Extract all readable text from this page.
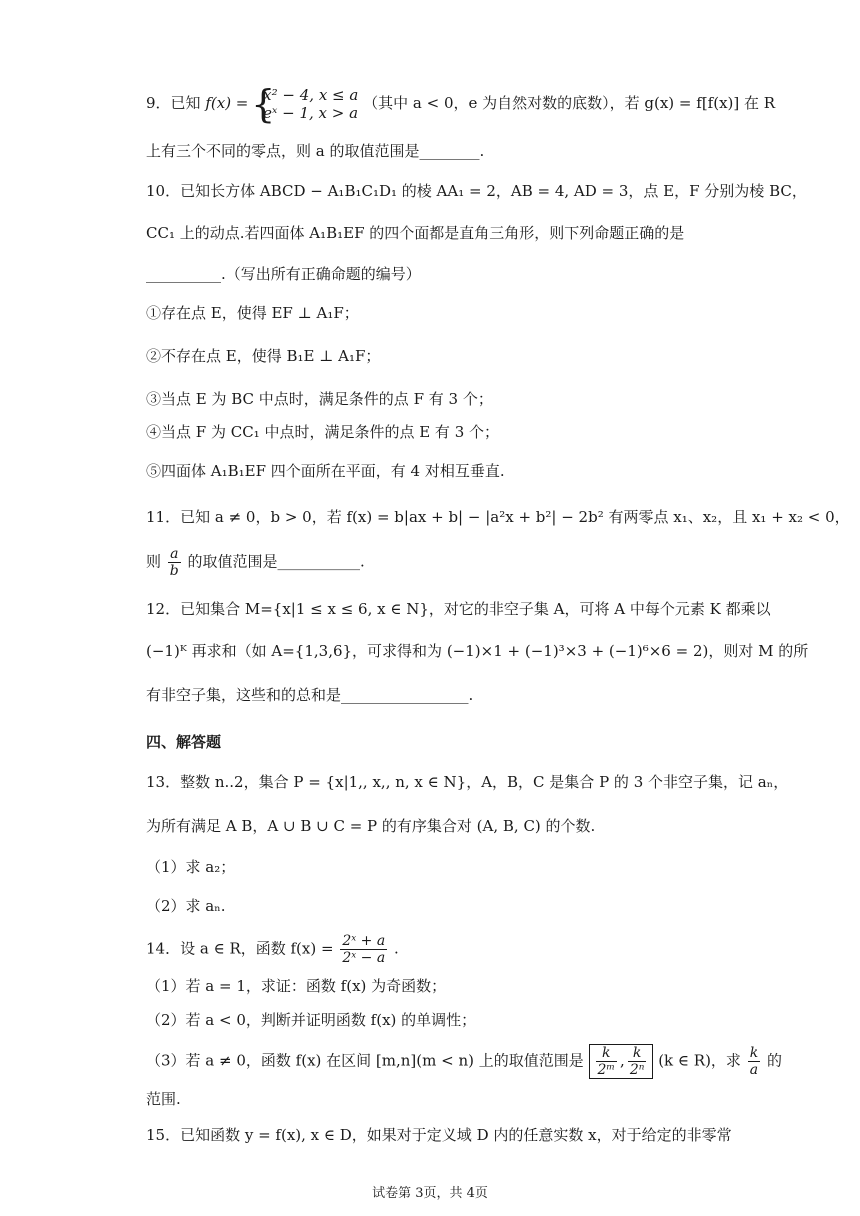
9．已知 f(x) =
{ x² − 4, x ≤ a
eˣ − 1, x > a
（其中 a < 0，e 为自然对数的底数），若 g(x) = f[f(x)] 在 R
上有三个不同的零点，则 a 的取值范围是________.
10．已知长方体 ABCD − A₁B₁C₁D₁ 的棱 AA₁ = 2，AB = 4, AD = 3，点 E，F 分别为棱 BC，
CC₁ 上的动点.若四面体 A₁B₁EF 的四个面都是直角三角形，则下列命题正确的是
__________.（写出所有正确命题的编号）
①存在点 E，使得 EF ⊥ A₁F；
②不存在点 E，使得 B₁E ⊥ A₁F；
③当点 E 为 BC 中点时，满足条件的点 F 有 3 个；
④当点 F 为 CC₁ 中点时，满足条件的点 E 有 3 个；
⑤四面体 A₁B₁EF 四个面所在平面，有 4 对相互垂直.
11．已知 a ≠ 0，b > 0，若 f(x) = b|ax + b| − |a²x + b²| − 2b² 有两零点 x₁、x₂，且 x₁ + x₂ < 0，
则 $\frac{a}{b}$ 的取值范围是___________.
12．已知集合 M={x|1 ≤ x ≤ 6, x ∈ N}，对它的非空子集 A，可将 A 中每个元素 K 都乘以
(−1)ᴷ 再求和（如 A={1,3,6}，可求得和为 (−1)×1 + (−1)³×3 + (−1)⁶×6 = 2)，则对 M 的所
有非空子集，这些和的总和是_________________.
四、解答题
13．整数 n..2，集合 P = {x|1,, x,, n, x ∈ N}，A，B，C 是集合 P 的 3 个非空子集，记 aₙ，
为所有满足 A B，A ∪ B ∪ C = P 的有序集合对 (A, B, C) 的个数.
（1）求 a₂；
（2）求 aₙ.
14．设 a ∈ R，函数 $f(x) = \frac{\text{2ˣ + a}}{\text{2ˣ − a}}$ .
（1）若 a = 1，求证：函数 f(x) 为奇函数；
（2）若 a < 0，判断并证明函数 f(x) 的单调性；
（3）若 a ≠ 0，函数 f(x) 在区间 [m,n](m < n) 上的取值范围是 $\frac{k}{\text{2ᵐ}}$ , $\frac{k}{\text{2ⁿ}} (k$ ∈ R)，求 $\frac{k}{a}$ 的
范围.
15．已知函数 y = f(x), x ∈ D，如果对于定义域 D 内的任意实数 x，对于给定的非零常
试卷第 3页，共 4页
